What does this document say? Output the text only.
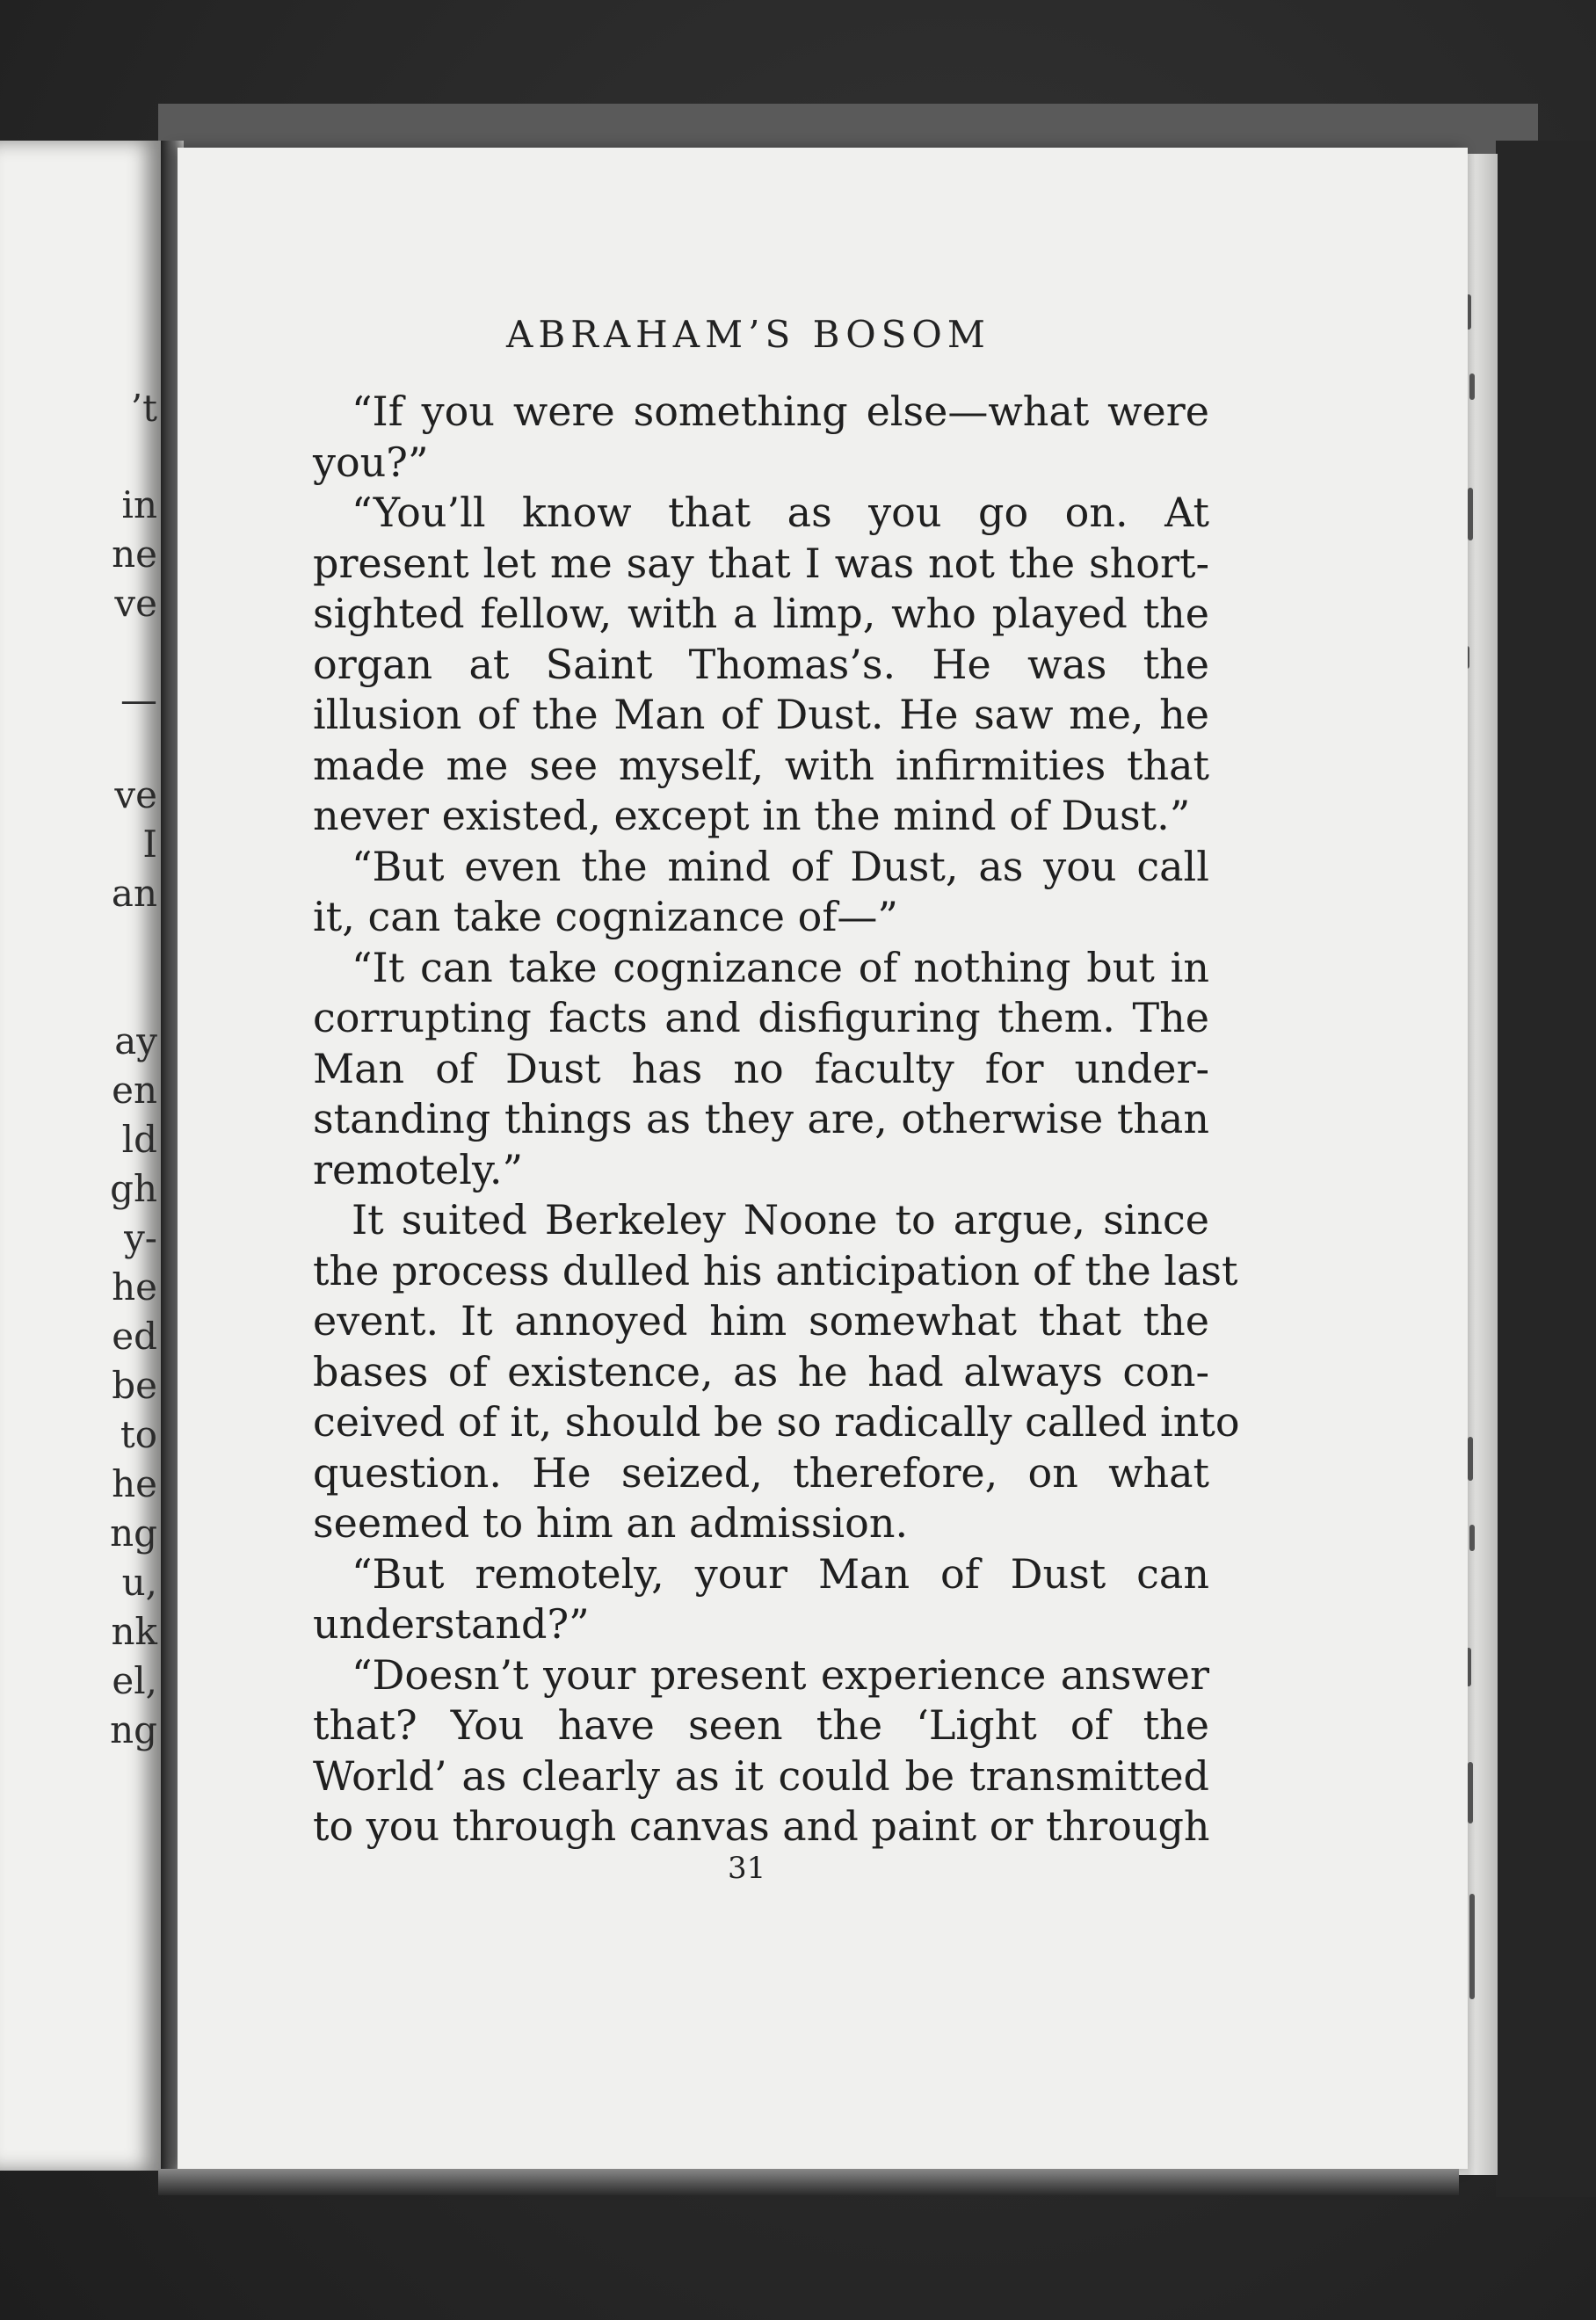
’t
in
ne
ve
—
ve
I
an
ay
en
ld
gh
y-
he
ed
be
to
he
ng
u,
nk
el,
ng
ABRAHAM’S BOSOM
“If you were something else—what were
you?”
“You’ll know that as you go on. At
present let me say that I was not the short-
sighted fellow, with a limp, who played the
organ at Saint Thomas’s. He was the
illusion of the Man of Dust. He saw me, he
made me see myself, with infirmities that
never existed, except in the mind of Dust.”
“But even the mind of Dust, as you call
it, can take cognizance of—”
“It can take cognizance of nothing but in
corrupting facts and disfiguring them. The
Man of Dust has no faculty for under-
standing things as they are, otherwise than
remotely.”
It suited Berkeley Noone to argue, since
the process dulled his anticipation of the last
event. It annoyed him somewhat that the
bases of existence, as he had always con-
ceived of it, should be so radically called into
question. He seized, therefore, on what
seemed to him an admission.
“But remotely, your Man of Dust can
understand?”
“Doesn’t your present experience answer
that? You have seen the ‘Light of the
World’ as clearly as it could be transmitted
to you through canvas and paint or through
31
